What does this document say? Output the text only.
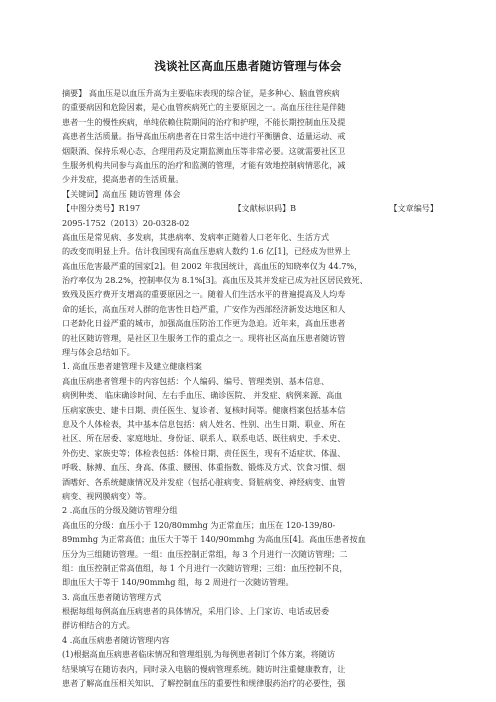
浅谈社区高血压患者随访管理与体会
摘要】 高血压是以血压升高为主要临床表现的综合征，是多种心、脑血管疾病
的重要病因和危险因素，是心血管疾病死亡的主要原因之一。高血压往往是伴随
患者一生的慢性疾病，单纯依赖住院期间的治疗和护理，不能长期控制血压及提
高患者生活质量。指导高血压病患者在日常生活中进行平衡膳食、适量运动、戒
烟限酒、保持乐观心态、合理用药及定期监测血压等非常必要。这就需要社区卫
生服务机构共同参与高血压的治疗和监测的管理，才能有效地控制病情恶化，减
少并发症，提高患者的生活质量。
【关键词】高血压 随访管理 体会
【中图分类号】R197	【文献标识码】B	【文章编号】
2095-1752（2013）20-0328-02
高血压是常见病、多发病，其患病率、发病率正随着人口老年化、生活方式
的改变而明显上升。估计我国现有高血压患病人数约 1.6 亿[1]，已经成为世界上
高血压危害最严重的国家[2]。但 2002 年我国统计，高血压的知晓率仅为 44.7%，
治疗率仅为 28.2%，控制率仅为 8.1%[3]。高血压及其并发症已成为社区居民致死、
致残及医疗费开支增高的重要原因之一。随着人们生活水平的普遍提高及人均寿
命的延长，高血压对人群的危害性日趋严重，广安作为西部经济新发达地区和人
口老龄化日益严重的城市，加强高血压防治工作更为急迫。近年来，高血压患者
的社区随访管理，是社区卫生服务工作的重点之一。现将社区高血压患者随访管
理与体会总结如下。
1. 高血压患者建管理卡及建立健康档案
高血压病患者管理卡的内容包括：个人编码、编号、管理类别、基本信息、
病例种类、 临床确诊时间、左右手血压、确诊医院、 并发症、病例来源、高血
压病家族史、建卡日期、责任医生、复诊者、复核时间等。健康档案包括基本信
息及个人体检表，其中基本信息包括：病人姓名、性别、出生日期、职业、所在
社区、所在居委、家庭地址、身份证、联系人、联系电话、既往病史、手术史、
外伤史、家族史等；体检表包括：体检日期、责任医生，现有不适症状、体温、
呼吸、脉搏、血压、身高、体重、腰围、体重指数、锻炼及方式、饮食习惯、烟
酒嗜好、各系统健康情况及并发症（包括心脏病变、肾脏病变、神经病变、血管
病变、视网膜病变）等。
2 .高血压的分级及随访管理分组
高血压的分级：血压小于 120/80mmhg 为正常血压；血压在 120-139/80-
89mmhg 为正常高值；血压大于等于 140/90mmhg 为高血压[4]。高血压患者按血
压分为三组随访管理。一组：血压控制正常组，每 3 个月进行一次随访管理；二
组：血压控制正常高值组，每 1 个月进行一次随访管理；三组：血压控制不良，
即血压大于等于 140/90mmhg 组，每 2 周进行一次随访管理。
3. 高血压患者随访管理方式
根据每组每例高血压病患者的具体情况，采用门诊、上门家访、电话或居委
群访相结合的方式。
4 .高血压病患者随访管理内容
(1)根据高血压病患者临床情况和管理组别,为每例患者制订个体方案，将随访
结果填写在随访表内，同时录入电脑的慢病管理系统。随访时注重健康教育，让
患者了解高血压相关知识、了解控制血压的重要性和规律服药治疗的必要性，强
